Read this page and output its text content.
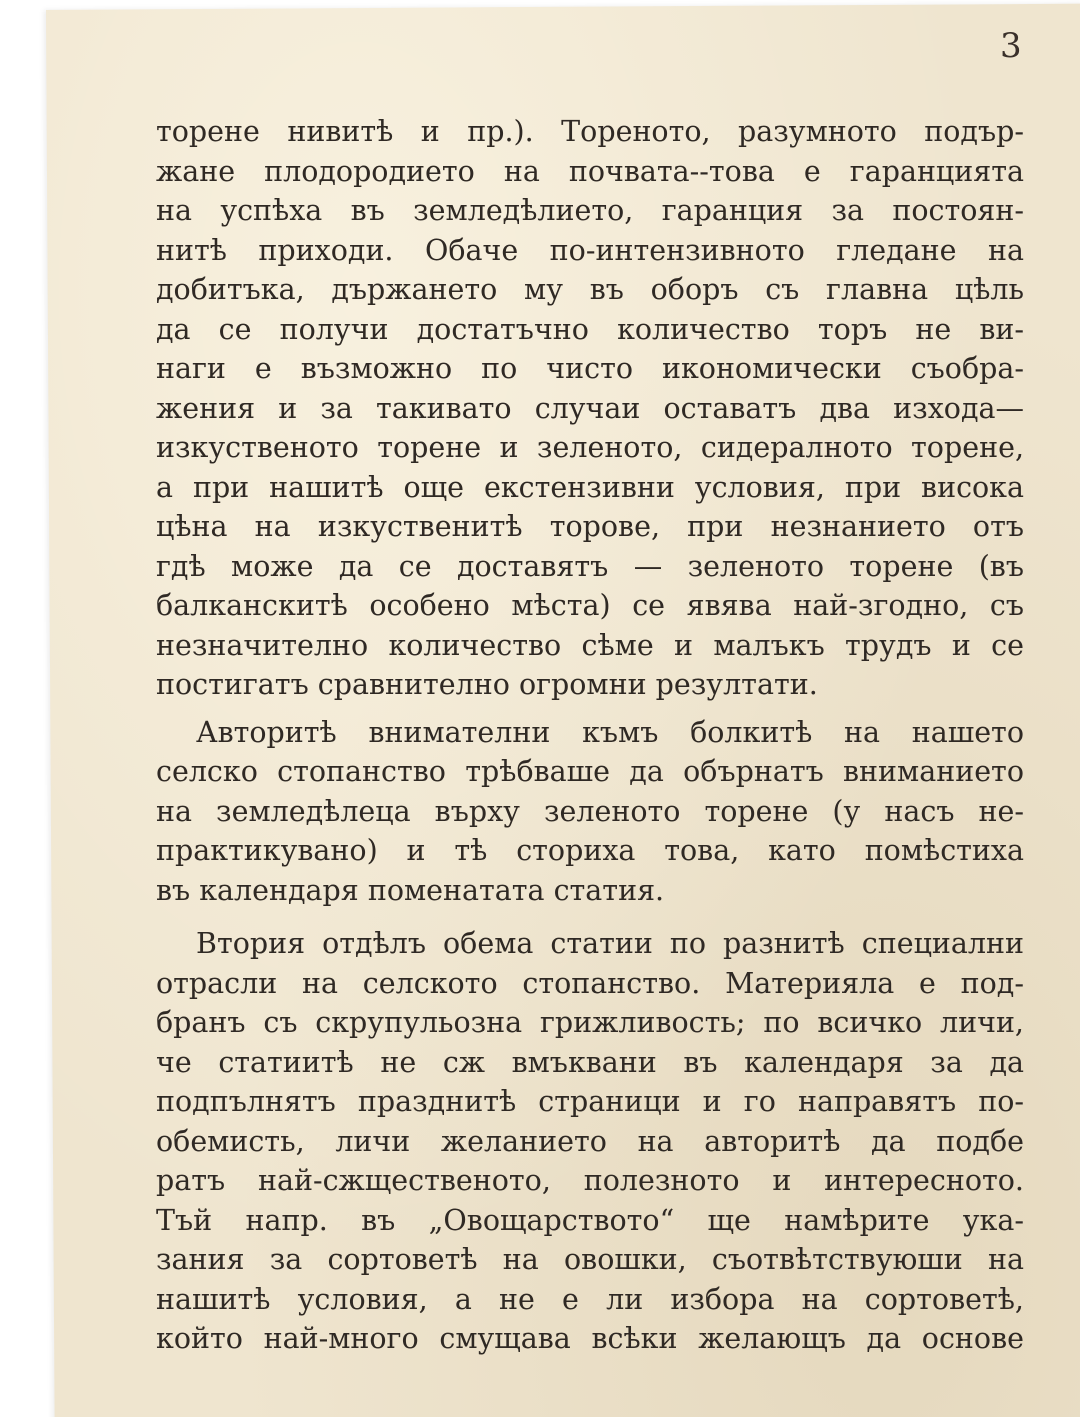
3
торене нивитѣ и пр.). Тореното, разумното подър-
жане плодородието на почвата--това е гаранцията
на успѣха въ земледѣлието, гаранция за постоян-
нитѣ приходи. Обаче по-интензивното гледане на
добитъка, държането му въ оборъ съ главна цѣль
да се получи достатъчно количество торъ не ви-
наги е възможно по чисто икономически съобра-
жения и за такивато случаи оставатъ два изхода—
изкуственото торене и зеленото, сидералното торене,
а при нашитѣ още екстензивни условия, при висока
цѣна на изкуственитѣ торове, при незнанието отъ
гдѣ може да се доставятъ — зеленото торене (въ
балканскитѣ особено мѣста) се явява най-згодно, съ
незначително количество сѣме и малъкъ трудъ и се
постигатъ сравнително огромни резултати.
Авторитѣ внимателни къмъ болкитѣ на нашето
селско стопанство трѣбваше да обърнатъ вниманието
на земледѣлеца върху зеленото торене (у насъ не-
практикувано) и тѣ сториха това, като помѣстиха
въ календаря поменатата статия.
Втория отдѣлъ обема статии по разнитѣ специални
отрасли на селското стопанство. Материяла е под-
бранъ съ скрупульозна грижливость; по всичко личи,
че статиитѣ не сж вмъквани въ календаря за да
подпълнятъ празднитѣ страници и го направятъ по-
обемисть, личи желанието на авторитѣ да подбе
ратъ най-сжщественото, полезното и интересното.
Тъй напр. въ „Овощарството“ ще намѣрите ука-
зания за сортоветѣ на овошки, съотвѣтствуюши на
нашитѣ условия, а не е ли избора на сортоветѣ,
който най-много смущава всѣки желающъ да основе
